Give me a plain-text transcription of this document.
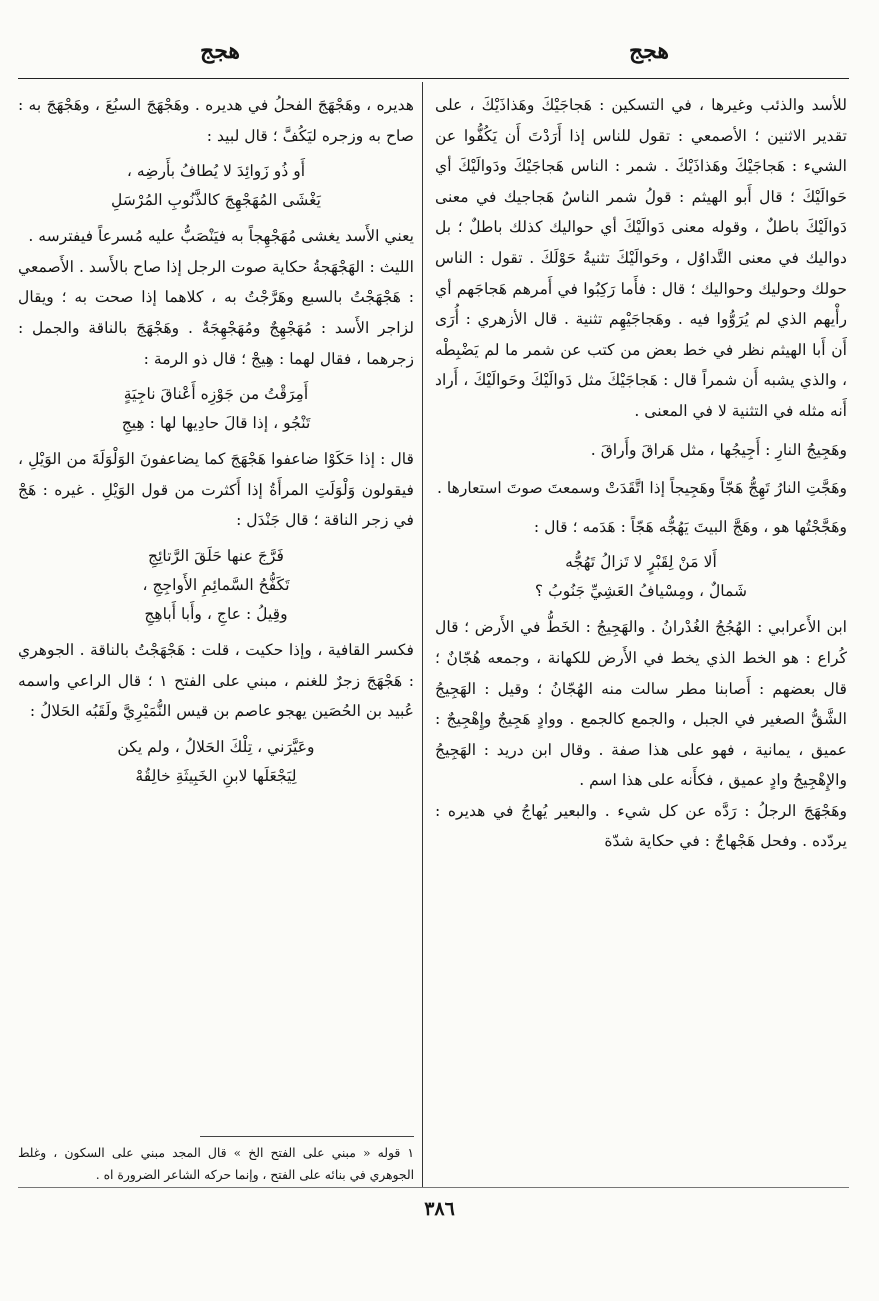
هجج
هجج

للأسد والذئب وغيرها ، في التسكين : هَجاجَيْكَ وهَذاذَيْكَ ، على تقدير الاثنين ؛ الأصمعي : تقول للناس إذا أَرَدْتَ أَن يَكُفُّوا عن الشيء : هَجاجَيْكَ وهَذاذَيْكَ . شمر : الناس هَجاجَيْكَ ودَوالَيْكَ أي حَوالَيْكَ ؛ قال أَبو الهيثم : قولُ شمر الناسُ هَجاجيك في معنى دَوالَيْكَ باطلٌ ، وقوله معنى دَوالَيْكَ أي حواليك كذلك باطلٌ ؛ بل دواليك في معنى التَّداوُل ، وحَوالَيْكَ تثنيةُ حَوْلَكَ . تقول : الناس حولك وحوليك وحواليك ؛ قال : فأَما رَكِبُوا في أَمرهم هَجاجَهم أي رأْيهم الذي لم يُرَوُّوا فيه . وهَجاجَيْهِم تثنية . قال الأزهري : أُرَى أَن أَبا الهيثم نظر في خط بعض من كتب عن شمر ما لم يَضْبِطْه ، والذي يشبه أَن شمراً قال : هَجاجَيْكَ مثل دَوالَيْكَ وحَوالَيْكَ ، أَراد أَنه مثله في التثنية لا في المعنى .

وهَجِيجُ النارِ : أَجِيجُها ، مثل هَراقَ وأَراقَ .

وهَجَّتِ النارُ تَهِجُّ هَجّاً وهَجِيجاً إذا اتَّقَدَتْ وسمعتَ صوتَ استعارها .

وهَجَّجْتُها هو ، وهَجَّ البيتَ يَهُجُّه هَجّاً : هَدَمه ؛ قال :

أَلا مَنْ لِقَبْرٍ لا تَزالُ تَهُجُّه
شَمالٌ ، ومِسْيافُ العَشِيِّ جَنُوبُ ؟

ابن الأَعرابي : الهُجُجُ الغُدْرانُ . والهَجِيجُ : الخَطُّ في الأَرض ؛ قال كُراع : هو الخط الذي يخط في الأَرض للكهانة ، وجمعه هُجّانٌ ؛ قال بعضهم : أَصابنا مطر سالت منه الهُجّانُ ؛ وقيل : الهَجِيجُ الشَّقُّ الصغير في الجبل ، والجمع كالجمع . ووادٍ هَجِيجٌ وإِهْجِيجٌ : عميق ، يمانية ، فهو على هذا صفة . وقال ابن دريد : الهَجِيجُ والإِهْجِيجُ وادٍ عميق ، فكأَنه على هذا اسم .

وهَجْهَجَ الرجلُ : رَدَّه عن كل شيء . والبعير يُهاجُ في هديره : يردّده . وفحل هَجْهاجٌ : في حكاية شدّة

هديره ، وهَجْهَجَ الفحلُ في هديره . وهَجْهَجَ السبُعَ ، وهَجْهَجَ به : صاح به وزجره ليَكُفَّ ؛ قال لبيد :

أَو ذُو زَوائِدَ لا يُطافُ بأَرضِه ،
يَغْشَى المُهَجْهِجَ كالذَّنُوبِ المُرْسَلِ

يعني الأَسد يغشى مُهَجْهِجاً به فيَنْصَبُّ عليه مُسرعاً فيفترسه .

الليث : الهَجْهَجةُ حكاية صوت الرجل إذا صاح بالأَسد . الأَصمعي : هَجْهَجْتُ بالسبع وهَرَّجْتُ به ، كلاهما إذا صحت به ؛ ويقال لزاجر الأَسد : مُهَجْهِجٌ ومُهَجْهِجَةٌ . وهَجْهَجَ بالناقة والجمل : زجرهما ، فقال لهما : هِيجْ ؛ قال ذو الرمة :

أَمِرَقْتُ من جَوْزِه أَعْناقَ ناجِيَةٍ
تَنْجُو ، إذا قالَ حادِيها لها : هِيجِ

قال : إذا حَكَوْا ضاعفوا هَجْهَجَ كما يضاعفونَ الوَلْوَلَةَ من الوَيْلِ ، فيقولون وَلْوَلَتِ المرأَةُ إذا أَكثرت من قول الوَيْلِ . غيره : هَجْ في زجر الناقة ؛ قال جَنْدَل :

فَرَّجَ عنها حَلَقَ الرَّتائِجِ
تَكَفُّحُ السَّمائِمِ الأَواجِجِ ،
وقِيلُ : عاجِ ، وأَبا أَباهِجِ

فكسر القافية ، وإذا حكيت ، قلت : هَجْهَجْتُ بالناقة . الجوهري : هَجْهَجَ زجرٌ للغنم ، مبني على الفتح ١ ؛ قال الراعي واسمه عُبيد بن الحُصَين يهجو عاصم بن قيس النُّمَيْرِيَّ ولَقَبُه الحَلالُ :

وعَيَّرَني ، تِلْكَ الحَلالُ ، ولم يكن
لِيَجْعَلَها لابنِ الخَبِيثَةِ خالِقُهْ

١ قوله « مبني على الفتح الخ » قال المجد مبني على السكون ، وغلط الجوهري في بنائه على الفتح ، وإنما حركه الشاعر الضرورة اه .
٣٨٦
